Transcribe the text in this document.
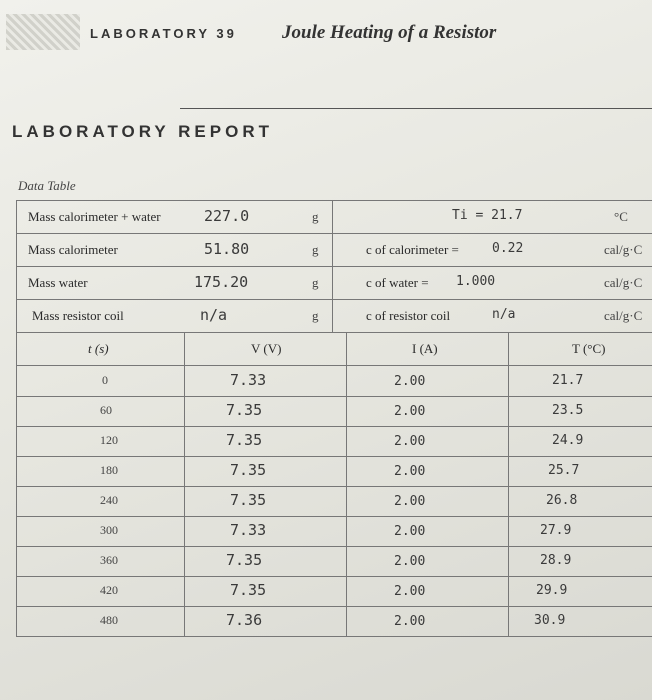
LABORATORY 39 Joule Heating of a Resistor
LABORATORY REPORT
Data Table
Mass calorimeter + water	227.0	g	Ti = 21.7	°C
Mass calorimeter	51.80	g	c of calorimeter =	0.22	cal/g·C
Mass water	175.20	g	c of water = 1.000	cal/g·C
Mass resistor coil	n/a	g	c of resistor coil	n/a	cal/g·C
t (s)	V (V)	I (A)	T (°C)
0	7.33	2.00	21.7
60	7.35	2.00	23.5
120	7.35	2.00	24.9
180	7.35	2.00	25.7
240	7.35	2.00	26.8
300	7.33	2.00	27.9
360	7.35	2.00	28.9
420	7.35	2.00	29.9
480	7.36	2.00	30.9
